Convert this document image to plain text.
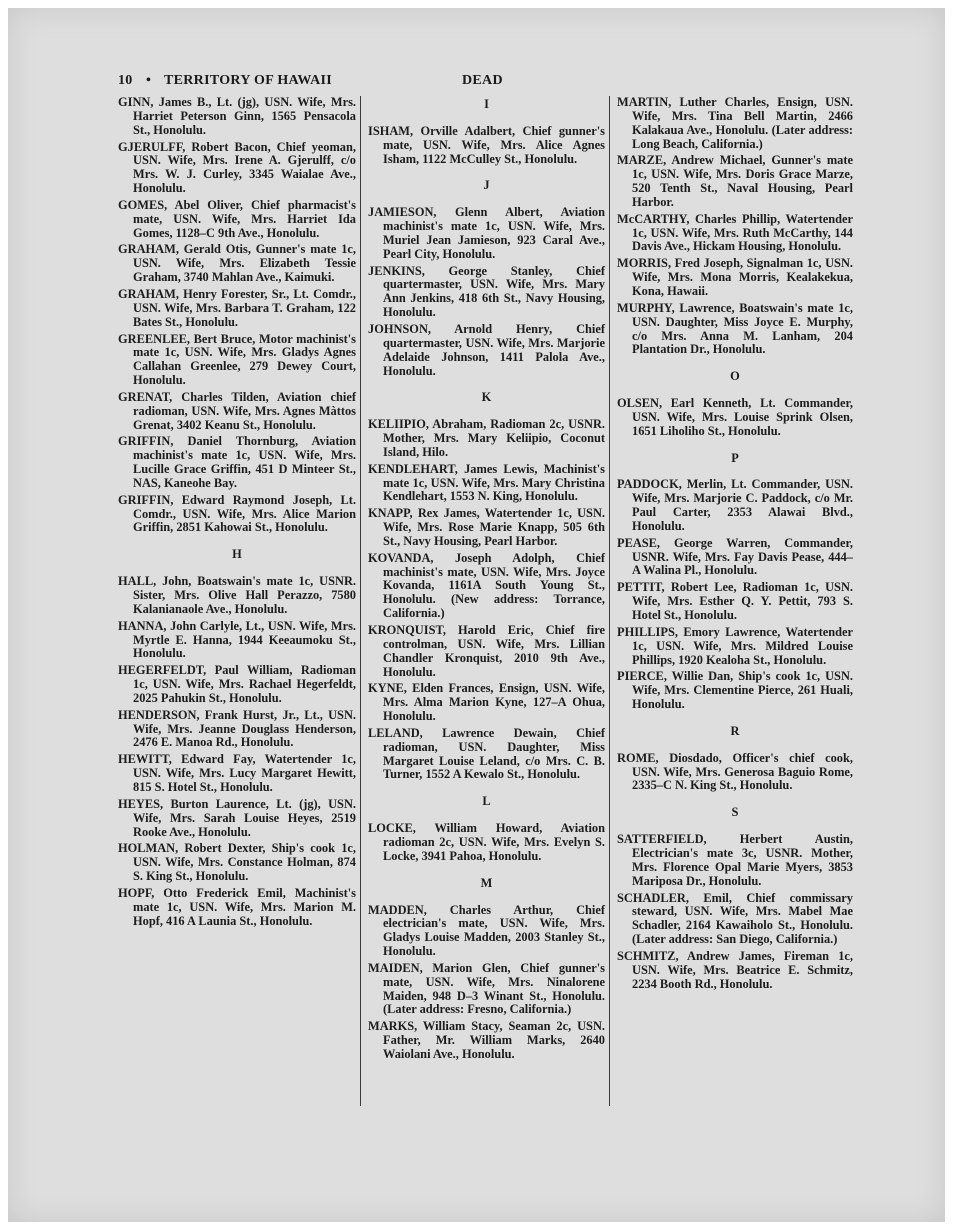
10 • TERRITORY OF HAWAII	DEAD
GINN, James B., Lt. (jg), USN. Wife, Mrs. Harriet Peterson Ginn, 1565 Pensacola St., Honolulu.
GJERULFF, Robert Bacon, Chief yeoman, USN. Wife, Mrs. Irene A. Gjerulff, c/o Mrs. W. J. Curley, 3345 Waialae Ave., Honolulu.
GOMES, Abel Oliver, Chief pharmacist's mate, USN. Wife, Mrs. Harriet Ida Gomes, 1128–C 9th Ave., Honolulu.
GRAHAM, Gerald Otis, Gunner's mate 1c, USN. Wife, Mrs. Elizabeth Tessie Graham, 3740 Mahlan Ave., Kaimuki.
GRAHAM, Henry Forester, Sr., Lt. Comdr., USN. Wife, Mrs. Barbara T. Graham, 122 Bates St., Honolulu.
GREENLEE, Bert Bruce, Motor machinist's mate 1c, USN. Wife, Mrs. Gladys Agnes Callahan Greenlee, 279 Dewey Court, Honolulu.
GRENAT, Charles Tilden, Aviation chief radioman, USN. Wife, Mrs. Agnes Màttos Grenat, 3402 Keanu St., Honolulu.
GRIFFIN, Daniel Thornburg, Aviation machinist's mate 1c, USN. Wife, Mrs. Lucille Grace Griffin, 451 D Minteer St., NAS, Kaneohe Bay.
GRIFFIN, Edward Raymond Joseph, Lt. Comdr., USN. Wife, Mrs. Alice Marion Griffin, 2851 Kahowai St., Honolulu.
H
HALL, John, Boatswain's mate 1c, USNR. Sister, Mrs. Olive Hall Perazzo, 7580 Kalanianaole Ave., Honolulu.
HANNA, John Carlyle, Lt., USN. Wife, Mrs. Myrtle E. Hanna, 1944 Keeaumoku St., Honolulu.
HEGERFELDT, Paul William, Radioman 1c, USN. Wife, Mrs. Rachael Hegerfeldt, 2025 Pahukin St., Honolulu.
HENDERSON, Frank Hurst, Jr., Lt., USN. Wife, Mrs. Jeanne Douglass Henderson, 2476 E. Manoa Rd., Honolulu.
HEWITT, Edward Fay, Watertender 1c, USN. Wife, Mrs. Lucy Margaret Hewitt, 815 S. Hotel St., Honolulu.
HEYES, Burton Laurence, Lt. (jg), USN. Wife, Mrs. Sarah Louise Heyes, 2519 Rooke Ave., Honolulu.
HOLMAN, Robert Dexter, Ship's cook 1c, USN. Wife, Mrs. Constance Holman, 874 S. King St., Honolulu.
HOPF, Otto Frederick Emil, Machinist's mate 1c, USN. Wife, Mrs. Marion M. Hopf, 416 A Launia St., Honolulu.
I
ISHAM, Orville Adalbert, Chief gunner's mate, USN. Wife, Mrs. Alice Agnes Isham, 1122 McCulley St., Honolulu.
J
JAMIESON, Glenn Albert, Aviation machinist's mate 1c, USN. Wife, Mrs. Muriel Jean Jamieson, 923 Caral Ave., Pearl City, Honolulu.
JENKINS, George Stanley, Chief quartermaster, USN. Wife, Mrs. Mary Ann Jenkins, 418 6th St., Navy Housing, Honolulu.
JOHNSON, Arnold Henry, Chief quartermaster, USN. Wife, Mrs. Marjorie Adelaide Johnson, 1411 Palola Ave., Honolulu.
K
KELIIPIO, Abraham, Radioman 2c, USNR. Mother, Mrs. Mary Keliipio, Coconut Island, Hilo.
KENDLEHART, James Lewis, Machinist's mate 1c, USN. Wife, Mrs. Mary Christina Kendlehart, 1553 N. King, Honolulu.
KNAPP, Rex James, Watertender 1c, USN. Wife, Mrs. Rose Marie Knapp, 505 6th St., Navy Housing, Pearl Harbor.
KOVANDA, Joseph Adolph, Chief machinist's mate, USN. Wife, Mrs. Joyce Kovanda, 1161A South Young St., Honolulu. (New address: Torrance, California.)
KRONQUIST, Harold Eric, Chief fire controlman, USN. Wife, Mrs. Lillian Chandler Kronquist, 2010 9th Ave., Honolulu.
KYNE, Elden Frances, Ensign, USN. Wife, Mrs. Alma Marion Kyne, 127–A Ohua, Honolulu.
LELAND, Lawrence Dewain, Chief radioman, USN. Daughter, Miss Margaret Louise Leland, c/o Mrs. C. B. Turner, 1552 A Kewalo St., Honolulu.
L
LOCKE, William Howard, Aviation radioman 2c, USN. Wife, Mrs. Evelyn S. Locke, 3941 Pahoa, Honolulu.
M
MADDEN, Charles Arthur, Chief electrician's mate, USN. Wife, Mrs. Gladys Louise Madden, 2003 Stanley St., Honolulu.
MAIDEN, Marion Glen, Chief gunner's mate, USN. Wife, Mrs. Ninalorene Maiden, 948 D–3 Winant St., Honolulu. (Later address: Fresno, California.)
MARKS, William Stacy, Seaman 2c, USN. Father, Mr. William Marks, 2640 Waiolani Ave., Honolulu.
MARTIN, Luther Charles, Ensign, USN. Wife, Mrs. Tina Bell Martin, 2466 Kalakaua Ave., Honolulu. (Later address: Long Beach, California.)
MARZE, Andrew Michael, Gunner's mate 1c, USN. Wife, Mrs. Doris Grace Marze, 520 Tenth St., Naval Housing, Pearl Harbor.
McCARTHY, Charles Phillip, Watertender 1c, USN. Wife, Mrs. Ruth McCarthy, 144 Davis Ave., Hickam Housing, Honolulu.
MORRIS, Fred Joseph, Signalman 1c, USN. Wife, Mrs. Mona Morris, Kealakekua, Kona, Hawaii.
MURPHY, Lawrence, Boatswain's mate 1c, USN. Daughter, Miss Joyce E. Murphy, c/o Mrs. Anna M. Lanham, 204 Plantation Dr., Honolulu.
O
OLSEN, Earl Kenneth, Lt. Commander, USN. Wife, Mrs. Louise Sprink Olsen, 1651 Liholiho St., Honolulu.
P
PADDOCK, Merlin, Lt. Commander, USN. Wife, Mrs. Marjorie C. Paddock, c/o Mr. Paul Carter, 2353 Alawai Blvd., Honolulu.
PEASE, George Warren, Commander, USNR. Wife, Mrs. Fay Davis Pease, 444–A Walina Pl., Honolulu.
PETTIT, Robert Lee, Radioman 1c, USN. Wife, Mrs. Esther Q. Y. Pettit, 793 S. Hotel St., Honolulu.
PHILLIPS, Emory Lawrence, Watertender 1c, USN. Wife, Mrs. Mildred Louise Phillips, 1920 Kealoha St., Honolulu.
PIERCE, Willie Dan, Ship's cook 1c, USN. Wife, Mrs. Clementine Pierce, 261 Huali, Honolulu.
R
ROME, Diosdado, Officer's chief cook, USN. Wife, Mrs. Generosa Baguio Rome, 2335–C N. King St., Honolulu.
S
SATTERFIELD, Herbert Austin, Electrician's mate 3c, USNR. Mother, Mrs. Florence Opal Marie Myers, 3853 Mariposa Dr., Honolulu.
SCHADLER, Emil, Chief commissary steward, USN. Wife, Mrs. Mabel Mae Schadler, 2164 Kawaiholo St., Honolulu. (Later address: San Diego, California.)
SCHMITZ, Andrew James, Fireman 1c, USN. Wife, Mrs. Beatrice E. Schmitz, 2234 Booth Rd., Honolulu.
